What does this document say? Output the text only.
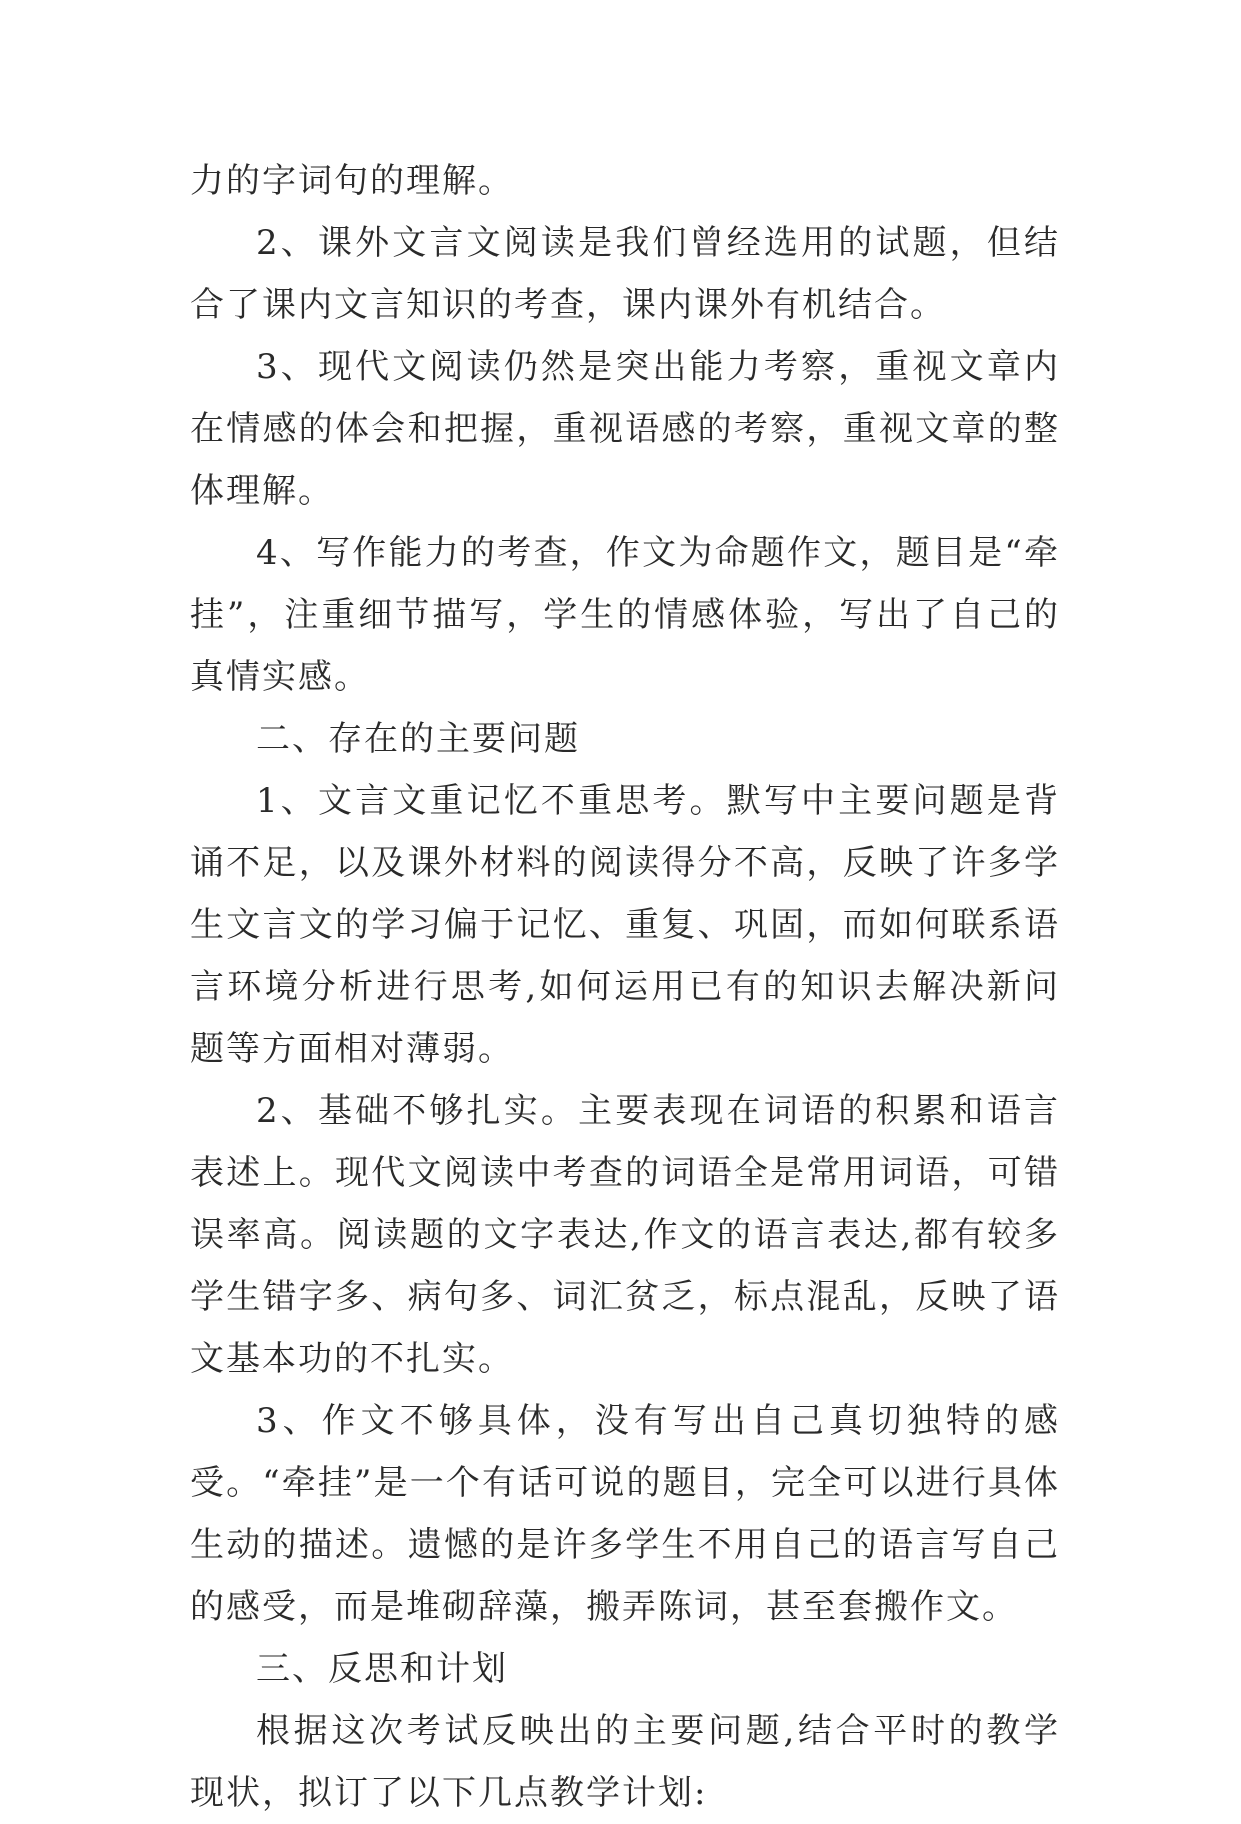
力的字词句的理解。

2、课外文言文阅读是我们曾经选用的试题，但结合了课内文言知识的考查，课内课外有机结合。

3、现代文阅读仍然是突出能力考察，重视文章内在情感的体会和把握，重视语感的考察，重视文章的整体理解。

4、写作能力的考查，作文为命题作文，题目是“牵挂”，注重细节描写，学生的情感体验，写出了自己的真情实感。

二、存在的主要问题

1、文言文重记忆不重思考。默写中主要问题是背诵不足，以及课外材料的阅读得分不高，反映了许多学生文言文的学习偏于记忆、重复、巩固，而如何联系语言环境分析进行思考,如何运用已有的知识去解决新问题等方面相对薄弱。

2、基础不够扎实。主要表现在词语的积累和语言表述上。现代文阅读中考查的词语全是常用词语，可错误率高。阅读题的文字表达,作文的语言表达,都有较多学生错字多、病句多、词汇贫乏，标点混乱，反映了语文基本功的不扎实。

3、作文不够具体，没有写出自己真切独特的感受。“牵挂”是一个有话可说的题目，完全可以进行具体生动的描述。遗憾的是许多学生不用自己的语言写自己的感受，而是堆砌辞藻，搬弄陈词，甚至套搬作文。

三、反思和计划

根据这次考试反映出的主要问题,结合平时的教学现状，拟订了以下几点教学计划:
